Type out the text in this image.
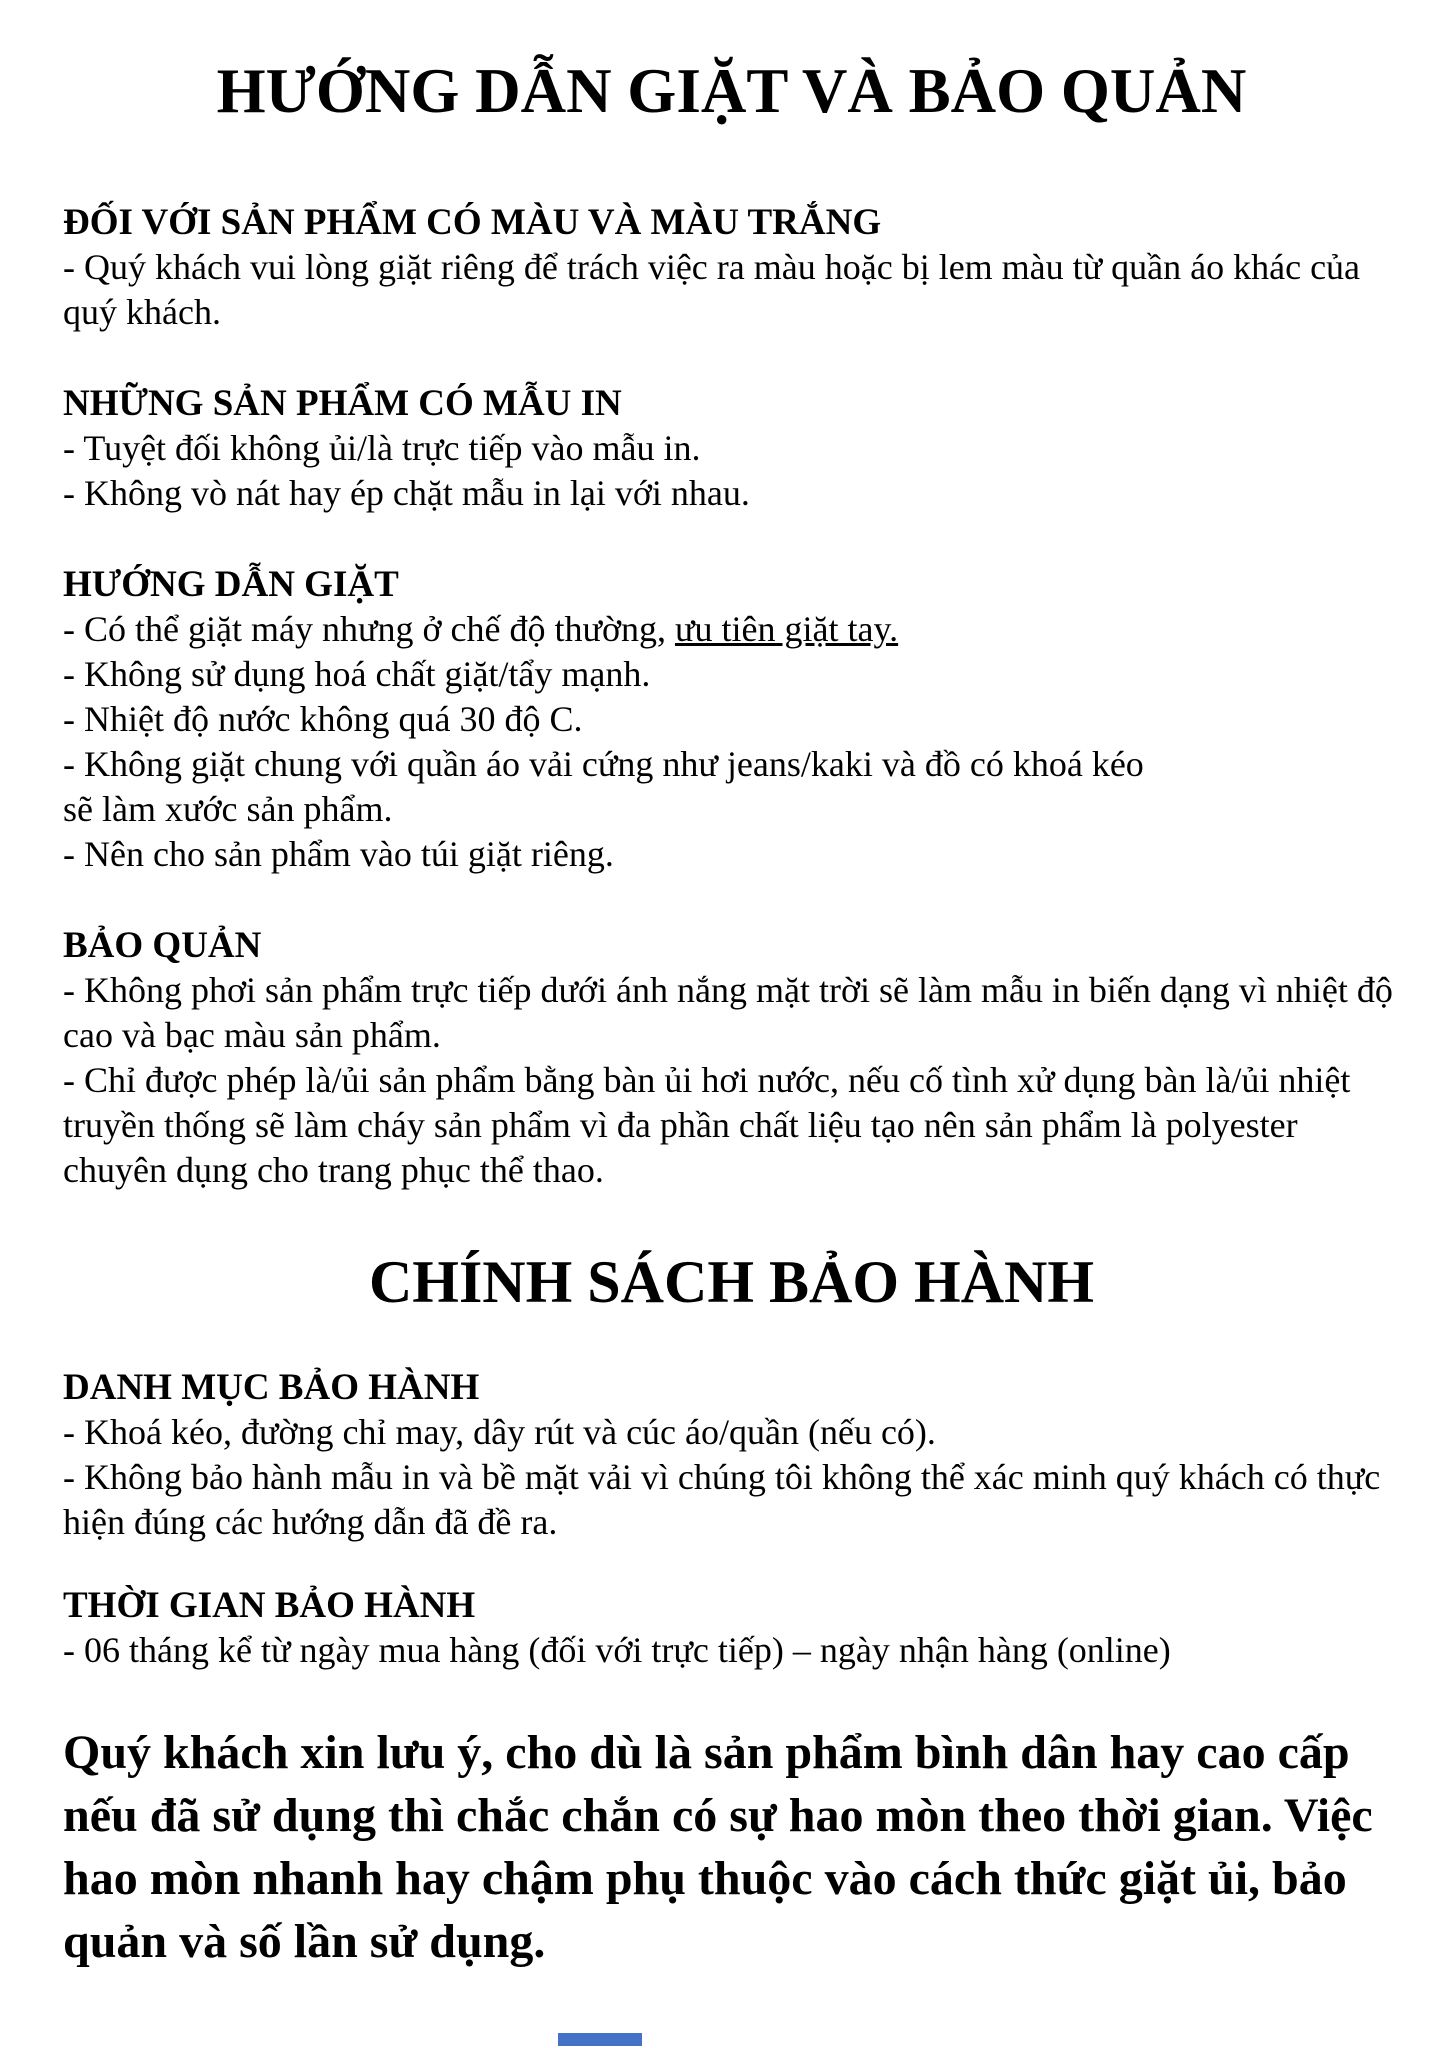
HƯỚNG DẪN GIẶT VÀ BẢO QUẢN
ĐỐI VỚI SẢN PHẨM CÓ MÀU VÀ MÀU TRẮNG

- Quý khách vui lòng giặt riêng để trách việc ra màu hoặc bị lem màu từ quần áo khác của quý khách.

NHỮNG SẢN PHẨM CÓ MẪU IN

- Tuyệt đối không ủi/là trực tiếp vào mẫu in.

- Không vò nát hay ép chặt mẫu in lại với nhau.

HƯỚNG DẪN GIẶT

- Có thể giặt máy nhưng ở chế độ thường, ưu tiên giặt tay.

- Không sử dụng hoá chất giặt/tẩy mạnh.

- Nhiệt độ nước không quá 30 độ C.

- Không giặt chung với quần áo vải cứng như jeans/kaki và đồ có khoá kéo

sẽ làm xước sản phẩm.

- Nên cho sản phẩm vào túi giặt riêng.

BẢO QUẢN

- Không phơi sản phẩm trực tiếp dưới ánh nắng mặt trời sẽ làm mẫu in biến dạng vì nhiệt độ cao và bạc màu sản phẩm.

- Chỉ được phép là/ủi sản phẩm bằng bàn ủi hơi nước, nếu cố tình xử dụng bàn là/ủi nhiệt truyền thống sẽ làm cháy sản phẩm vì đa phần chất liệu tạo nên sản phẩm là polyester chuyên dụng cho trang phục thể thao.

CHÍNH SÁCH BẢO HÀNH
DANH MỤC BẢO HÀNH

- Khoá kéo, đường chỉ may, dây rút và cúc áo/quần (nếu có).

- Không bảo hành mẫu in và bề mặt vải vì chúng tôi không thể xác minh quý khách có thực hiện đúng các hướng dẫn đã đề ra.

THỜI GIAN BẢO HÀNH

- 06 tháng kể từ ngày mua hàng (đối với trực tiếp) – ngày nhận hàng (online)

Quý khách xin lưu ý, cho dù là sản phẩm bình dân hay cao cấp nếu đã sử dụng thì chắc chắn có sự hao mòn theo thời gian. Việc hao mòn nhanh hay chậm phụ thuộc vào cách thức giặt ủi, bảo quản và số lần sử dụng.
